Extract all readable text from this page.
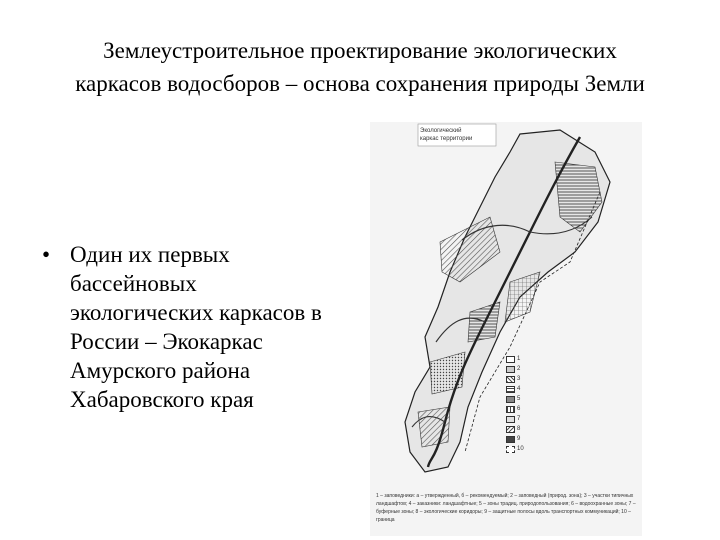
Землеустроительное проектирование экологических
каркасов водосборов – основа сохранения природы Земли
• Один их первых бассейновых экологических каркасов в России – Экокаркас Амурского района Хабаровского края
Экологический каркас территории
1
2
3
4
5
6
7
8
9
10
1 – заповедники: а – утвержденный, б – рекомендуемый; 2 – заповедный (природ. зона); 3 – участки типичных ландшафтов; 4 – заказники: ландшафтные; 5 – зоны традиц. природопользования; 6 – водоохранные зоны; 7 – буферные зоны; 8 – экологические коридоры; 9 – защитные полосы вдоль транспортных коммуникаций; 10 – граница
